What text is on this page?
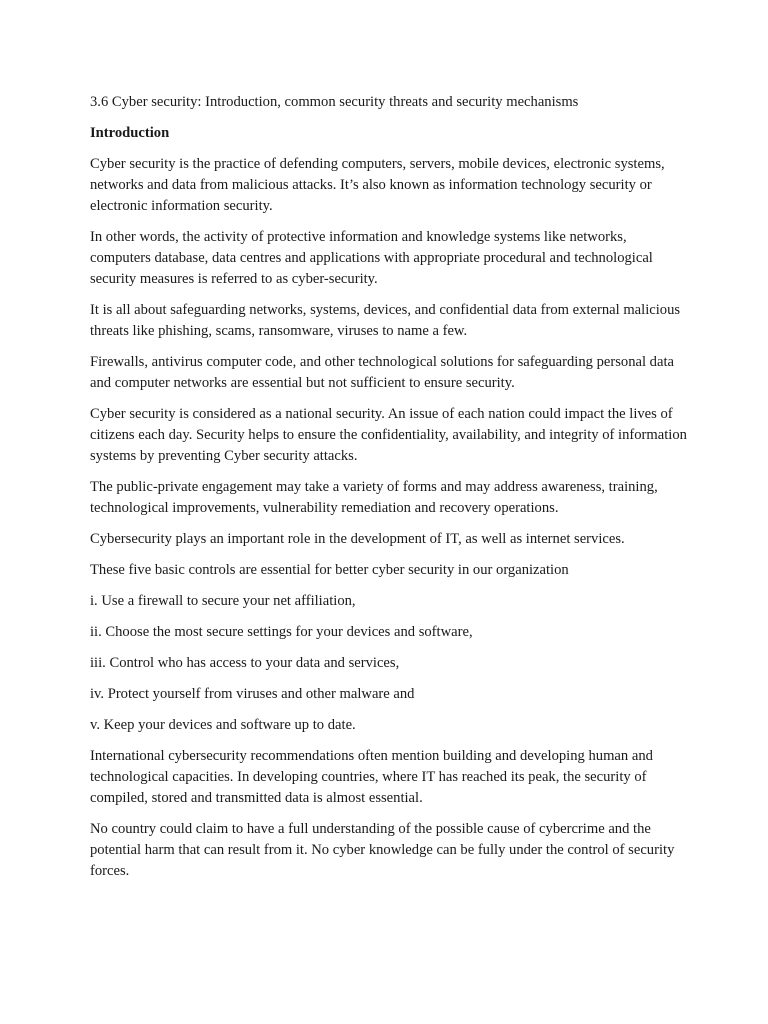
3.6 Cyber security: Introduction, common security threats and security mechanisms

Introduction

Cyber security is the practice of defending computers, servers, mobile devices, electronic systems, networks and data from malicious attacks. It’s also known as information technology security or electronic information security.

In other words, the activity of protective information and knowledge systems like networks, computers database, data centres and applications with appropriate procedural and technological security measures is referred to as cyber-security.

It is all about safeguarding networks, systems, devices, and confidential data from external malicious threats like phishing, scams, ransomware, viruses to name a few.

Firewalls, antivirus computer code, and other technological solutions for safeguarding personal data and computer networks are essential but not sufficient to ensure security.

Cyber security is considered as a national security. An issue of each nation could impact the lives of citizens each day. Security helps to ensure the confidentiality, availability, and integrity of information systems by preventing Cyber security attacks.

The public-private engagement may take a variety of forms and may address awareness, training, technological improvements, vulnerability remediation and recovery operations.

Cybersecurity plays an important role in the development of IT, as well as internet services.

These five basic controls are essential for better cyber security in our organization

i. Use a firewall to secure your net affiliation,

ii. Choose the most secure settings for your devices and software,

iii. Control who has access to your data and services,

iv. Protect yourself from viruses and other malware and

v. Keep your devices and software up to date.

International cybersecurity recommendations often mention building and developing human and technological capacities. In developing countries, where IT has reached its peak, the security of compiled, stored and transmitted data is almost essential.

No country could claim to have a full understanding of the possible cause of cybercrime and the potential harm that can result from it. No cyber knowledge can be fully under the control of security forces.
